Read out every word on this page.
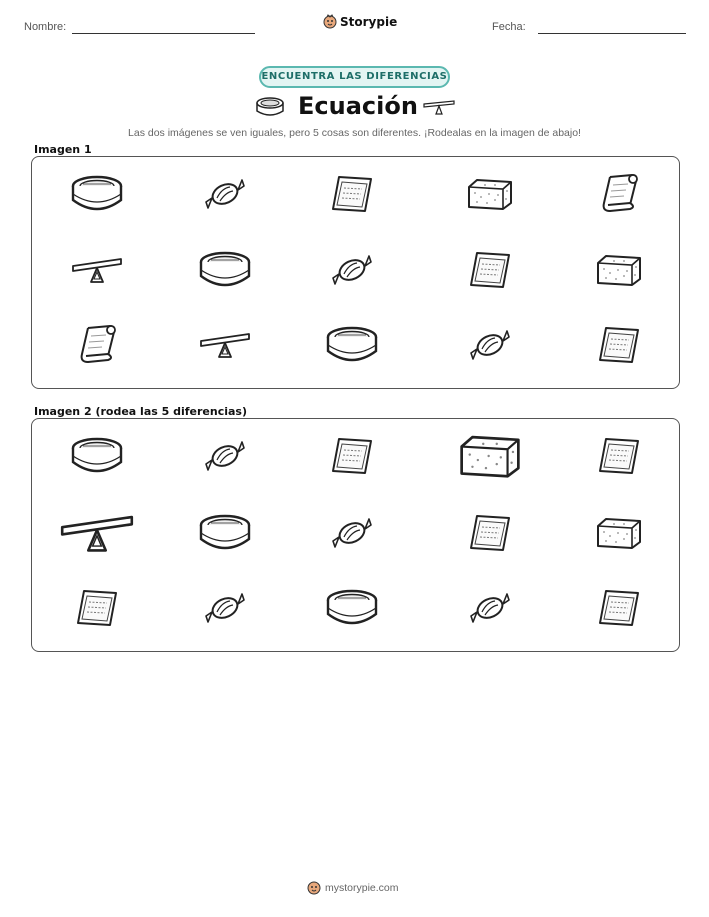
Nombre:	Storypie	Fecha:
ENCUENTRA LAS DIFERENCIAS
Ecuación
Las dos imágenes se ven iguales, pero 5 cosas son diferentes. ¡Rodealas en la imagen de abajo!
Imagen 1
Imagen 2 (rodea las 5 diferencias)
mystorypie.com
